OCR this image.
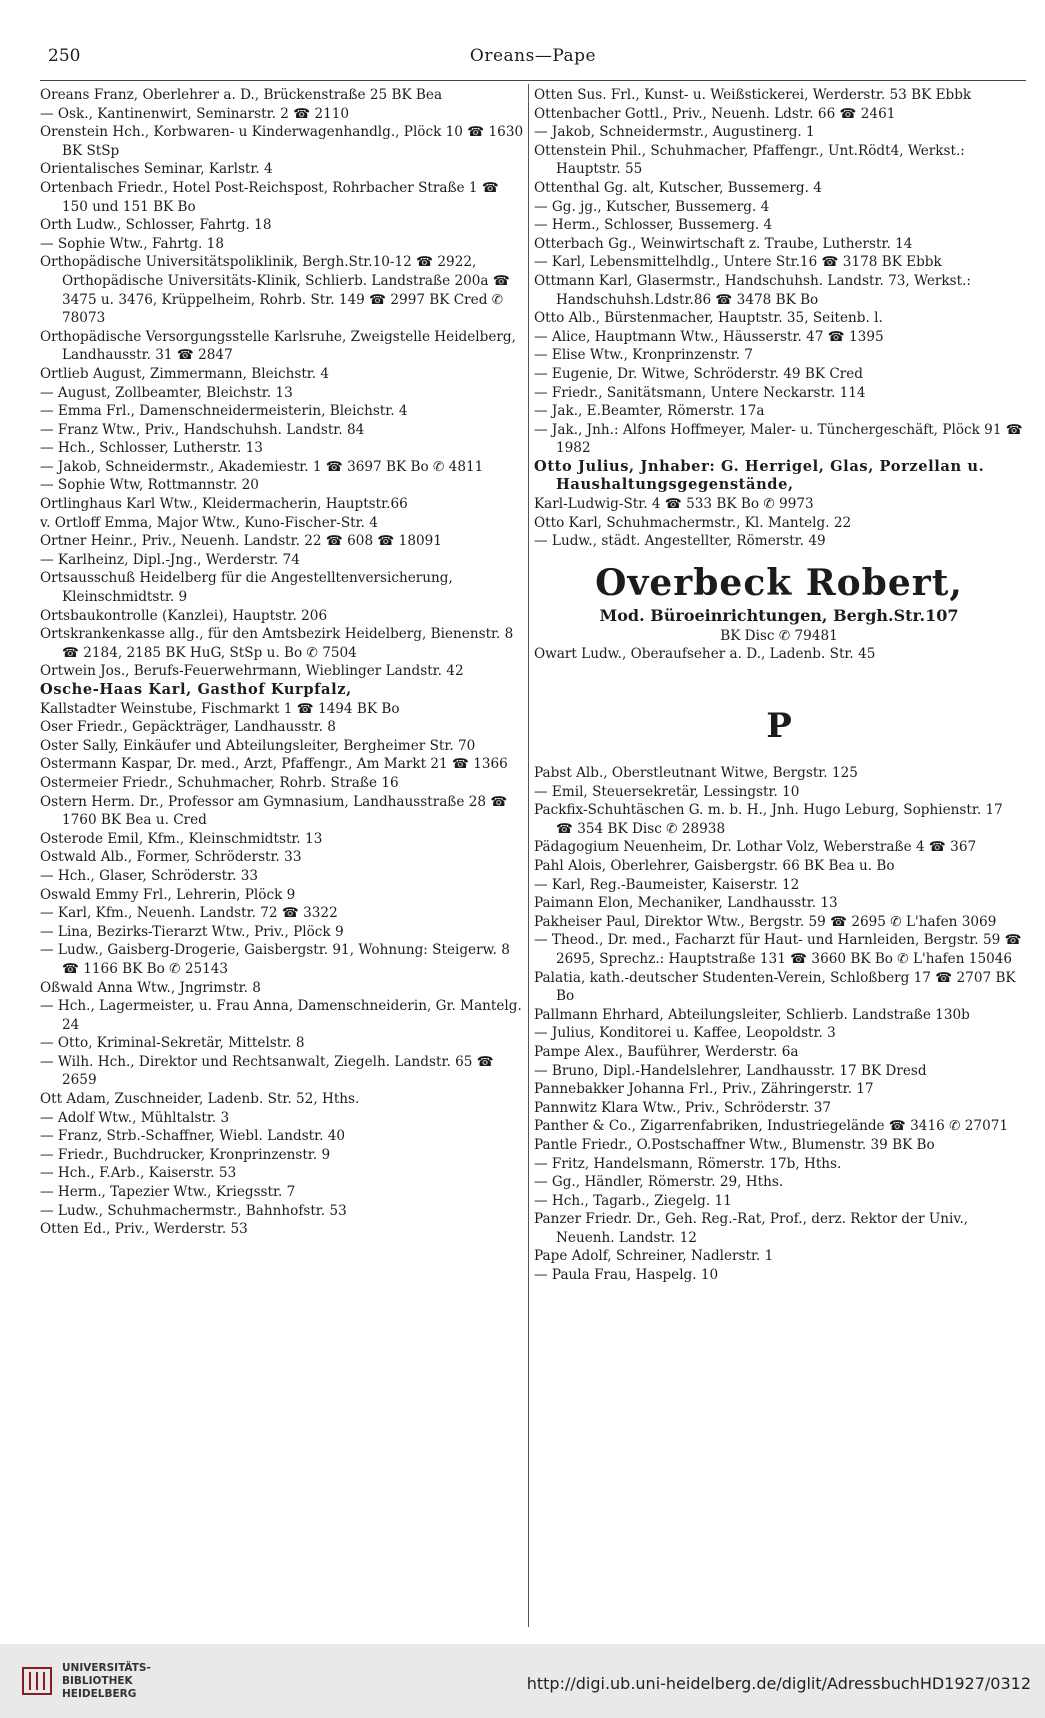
250	Oreans—Pape
Oreans Franz, Oberlehrer a. D., Brückenstraße 25 BK Bea
— Osk., Kantinenwirt, Seminarstr. 2 ☎ 2110
Orenstein Hch., Korbwaren- u Kinderwagenhandlg., Plöck 10 ☎ 1630 BK StSp
Orientalisches Seminar, Karlstr. 4
Ortenbach Friedr., Hotel Post-Reichspost, Rohrbacher Straße 1 ☎ 150 und 151 BK Bo
Orth Ludw., Schlosser, Fahrtg. 18
— Sophie Wtw., Fahrtg. 18
Orthopädische Universitätspoliklinik, Bergh.Str.10-12 ☎ 2922, Orthopädische Universitäts-Klinik, Schlierb. Landstraße 200a ☎ 3475 u. 3476, Krüppelheim, Rohrb. Str. 149 ☎ 2997 BK Cred ✆ 78073
Orthopädische Versorgungsstelle Karlsruhe, Zweigstelle Heidelberg, Landhausstr. 31 ☎ 2847
Ortlieb August, Zimmermann, Bleichstr. 4
— August, Zollbeamter, Bleichstr. 13
— Emma Frl., Damenschneidermeisterin, Bleichstr. 4
— Franz Wtw., Priv., Handschuhsh. Landstr. 84
— Hch., Schlosser, Lutherstr. 13
— Jakob, Schneidermstr., Akademiestr. 1 ☎ 3697 BK Bo ✆ 4811
— Sophie Wtw, Rottmannstr. 20
Ortlinghaus Karl Wtw., Kleidermacherin, Hauptstr.66
v. Ortloff Emma, Major Wtw., Kuno-Fischer-Str. 4
Ortner Heinr., Priv., Neuenh. Landstr. 22 ☎ 608 ☎ 18091
— Karlheinz, Dipl.-Jng., Werderstr. 74
Ortsausschuß Heidelberg für die Angestelltenversicherung, Kleinschmidtstr. 9
Ortsbaukontrolle (Kanzlei), Hauptstr. 206
Ortskrankenkasse allg., für den Amtsbezirk Heidelberg, Bienenstr. 8 ☎ 2184, 2185 BK HuG, StSp u. Bo ✆ 7504
Ortwein Jos., Berufs-Feuerwehrmann, Wieblinger Landstr. 42
Osche-Haas Karl, Gasthof Kurpfalz,
Kallstadter Weinstube, Fischmarkt 1 ☎ 1494 BK Bo
Oser Friedr., Gepäckträger, Landhausstr. 8
Oster Sally, Einkäufer und Abteilungsleiter, Bergheimer Str. 70
Ostermann Kaspar, Dr. med., Arzt, Pfaffengr., Am Markt 21 ☎ 1366
Ostermeier Friedr., Schuhmacher, Rohrb. Straße 16
Ostern Herm. Dr., Professor am Gymnasium, Landhausstraße 28 ☎ 1760 BK Bea u. Cred
Osterode Emil, Kfm., Kleinschmidtstr. 13
Ostwald Alb., Former, Schröderstr. 33
— Hch., Glaser, Schröderstr. 33
Oswald Emmy Frl., Lehrerin, Plöck 9
— Karl, Kfm., Neuenh. Landstr. 72 ☎ 3322
— Lina, Bezirks-Tierarzt Wtw., Priv., Plöck 9
— Ludw., Gaisberg-Drogerie, Gaisbergstr. 91, Wohnung: Steigerw. 8 ☎ 1166 BK Bo ✆ 25143
Oßwald Anna Wtw., Jngrimstr. 8
— Hch., Lagermeister, u. Frau Anna, Damenschneiderin, Gr. Mantelg. 24
— Otto, Kriminal-Sekretär, Mittelstr. 8
— Wilh. Hch., Direktor und Rechtsanwalt, Ziegelh. Landstr. 65 ☎ 2659
Ott Adam, Zuschneider, Ladenb. Str. 52, Hths.
— Adolf Wtw., Mühltalstr. 3
— Franz, Strb.-Schaffner, Wiebl. Landstr. 40
— Friedr., Buchdrucker, Kronprinzenstr. 9
— Hch., F.Arb., Kaiserstr. 53
— Herm., Tapezier Wtw., Kriegsstr. 7
— Ludw., Schuhmachermstr., Bahnhofstr. 53
Otten Ed., Priv., Werderstr. 53
Otten Sus. Frl., Kunst- u. Weißstickerei, Werderstr. 53 BK Ebbk
Ottenbacher Gottl., Priv., Neuenh. Ldstr. 66 ☎ 2461
— Jakob, Schneidermstr., Augustinerg. 1
Ottenstein Phil., Schuhmacher, Pfaffengr., Unt.Rödt4, Werkst.: Hauptstr. 55
Ottenthal Gg. alt, Kutscher, Bussemerg. 4
— Gg. jg., Kutscher, Bussemerg. 4
— Herm., Schlosser, Bussemerg. 4
Otterbach Gg., Weinwirtschaft z. Traube, Lutherstr. 14
— Karl, Lebensmittelhdlg., Untere Str.16 ☎ 3178 BK Ebbk
Ottmann Karl, Glasermstr., Handschuhsh. Landstr. 73, Werkst.: Handschuhsh.Ldstr.86 ☎ 3478 BK Bo
Otto Alb., Bürstenmacher, Hauptstr. 35, Seitenb. l.
— Alice, Hauptmann Wtw., Häusserstr. 47 ☎ 1395
— Elise Wtw., Kronprinzenstr. 7
— Eugenie, Dr. Witwe, Schröderstr. 49 BK Cred
— Friedr., Sanitätsmann, Untere Neckarstr. 114
— Jak., E.Beamter, Römerstr. 17a
— Jak., Jnh.: Alfons Hoffmeyer, Maler- u. Tünchergeschäft, Plöck 91 ☎ 1982
Otto Julius, Jnhaber: G. Herrigel, Glas, Porzellan u. Haushaltungsgegenstände,
Karl-Ludwig-Str. 4 ☎ 533 BK Bo ✆ 9973
Otto Karl, Schuhmachermstr., Kl. Mantelg. 22
— Ludw., städt. Angestellter, Römerstr. 49
Overbeck Robert,
Mod. Büroeinrichtungen, Bergh.Str.107
BK Disc ✆ 79481
Owart Ludw., Oberaufseher a. D., Ladenb. Str. 45
P
Pabst Alb., Oberstleutnant Witwe, Bergstr. 125
— Emil, Steuersekretär, Lessingstr. 10
Packfix-Schuhtäschen G. m. b. H., Jnh. Hugo Leburg, Sophienstr. 17 ☎ 354 BK Disc ✆ 28938
Pädagogium Neuenheim, Dr. Lothar Volz, Weberstraße 4 ☎ 367
Pahl Alois, Oberlehrer, Gaisbergstr. 66 BK Bea u. Bo
— Karl, Reg.-Baumeister, Kaiserstr. 12
Paimann Elon, Mechaniker, Landhausstr. 13
Pakheiser Paul, Direktor Wtw., Bergstr. 59 ☎ 2695 ✆ L'hafen 3069
— Theod., Dr. med., Facharzt für Haut- und Harnleiden, Bergstr. 59 ☎ 2695, Sprechz.: Hauptstraße 131 ☎ 3660 BK Bo ✆ L'hafen 15046
Palatia, kath.-deutscher Studenten-Verein, Schloßberg 17 ☎ 2707 BK Bo
Pallmann Ehrhard, Abteilungsleiter, Schlierb. Landstraße 130b
— Julius, Konditorei u. Kaffee, Leopoldstr. 3
Pampe Alex., Bauführer, Werderstr. 6a
— Bruno, Dipl.-Handelslehrer, Landhausstr. 17 BK Dresd
Pannebakker Johanna Frl., Priv., Zähringerstr. 17
Pannwitz Klara Wtw., Priv., Schröderstr. 37
Panther & Co., Zigarrenfabriken, Industriegelände ☎ 3416 ✆ 27071
Pantle Friedr., O.Postschaffner Wtw., Blumenstr. 39 BK Bo
— Fritz, Handelsmann, Römerstr. 17b, Hths.
— Gg., Händler, Römerstr. 29, Hths.
— Hch., Tagarb., Ziegelg. 11
Panzer Friedr. Dr., Geh. Reg.-Rat, Prof., derz. Rektor der Univ., Neuenh. Landstr. 12
Pape Adolf, Schreiner, Nadlerstr. 1
— Paula Frau, Haspelg. 10
UNIVERSITÄTS-
BIBLIOTHEK
HEIDELBERG
http://digi.ub.uni-heidelberg.de/diglit/AdressbuchHD1927/0312
